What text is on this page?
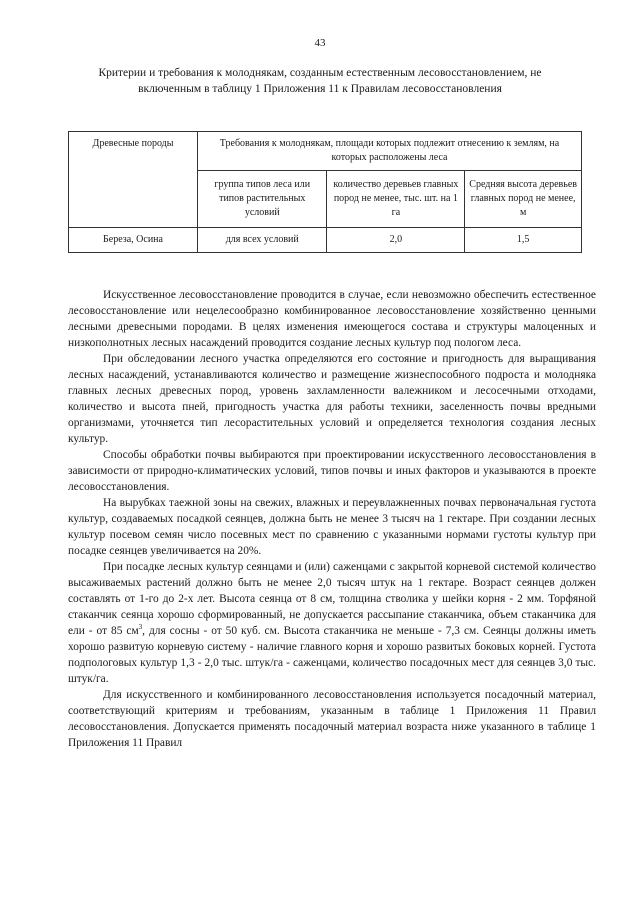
43
Критерии и требования к молоднякам, созданным естественным лесовосстановлением, не включенным в таблицу 1 Приложения 11 к Правилам лесовосстановления
Древесные породы	Требования к молоднякам, площади которых подлежит отнесению к землям, на которых расположены леса		
	группа типов леса или типов растительных условий	количество деревьев главных пород не менее, тыс. шт. на 1 га	Средняя высота деревьев главных пород не менее, м
Береза, Осина	для всех условий	2,0	1,5

Искусственное лесовосстановление проводится в случае, если невозможно обеспечить естественное лесовосстановление или нецелесообразно комбинированное лесовосстановление хозяйственно ценными лесными древесными породами. В целях изменения имеющегося состава и структуры малоценных и низкополнотных лесных насаждений проводится создание лесных культур под пологом леса.

При обследовании лесного участка определяются его состояние и пригодность для выращивания лесных насаждений, устанавливаются количество и размещение жизнеспособного подроста и молодняка главных лесных древесных пород, уровень захламленности валежником и лесосечными отходами, количество и высота пней, пригодность участка для работы техники, заселенность почвы вредными организмами, уточняется тип лесорастительных условий и определяется технология создания лесных культур.

Способы обработки почвы выбираются при проектировании искусственного лесовосстановления в зависимости от природно-климатических условий, типов почвы и иных факторов и указываются в проекте лесовосстановления.

На вырубках таежной зоны на свежих, влажных и переувлажненных почвах первоначальная густота культур, создаваемых посадкой сеянцев, должна быть не менее 3 тысяч на 1 гектаре. При создании лесных культур посевом семян число посевных мест по сравнению с указанными нормами густоты культур при посадке сеянцев увеличивается на 20%.

При посадке лесных культур сеянцами и (или) саженцами с закрытой корневой системой количество высаживаемых растений должно быть не менее 2,0 тысяч штук на 1 гектаре. Возраст сеянцев должен составлять от 1-го до 2-х лет. Высота сеянца от 8 см, толщина стволика у шейки корня - 2 мм. Торфяной стаканчик сеянца хорошо сформированный, не допускается рассыпание стаканчика, объем стаканчика для ели - от 85 $см^3$, для сосны - от 50 куб. см. Высота стаканчика не меньше - 7,3 см. Сеянцы должны иметь хорошо развитую корневую систему - наличие главного корня и хорошо развитых боковых корней. Густота подпологовых культур 1,3 - 2,0 тыс. штук/га - саженцами, количество посадочных мест для сеянцев 3,0 тыс. штук/га.

Для искусственного и комбинированного лесовосстановления используется посадочный материал, соответствующий критериям и требованиям, указанным в таблице 1 Приложения 11 Правил лесовосстановления. Допускается применять посадочный материал возраста ниже указанного в таблице 1 Приложения 11 Правил
